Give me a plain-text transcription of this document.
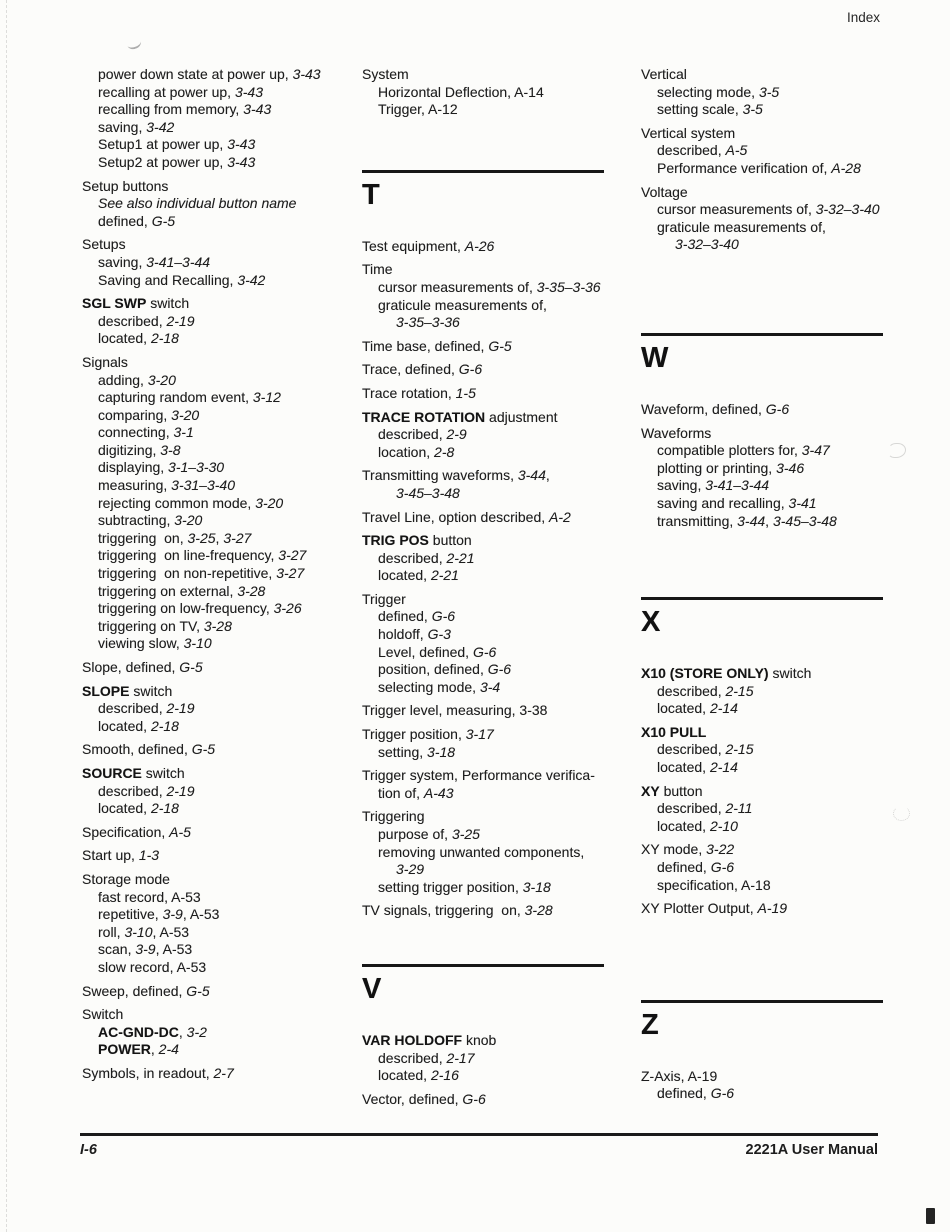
Index
power down state at power up, 3-43
recalling at power up, 3-43
recalling from memory, 3-43
saving, 3-42
Setup1 at power up, 3-43
Setup2 at power up, 3-43
Setup buttons
See also individual button name
defined, G-5
Setups
saving, 3-41–3-44
Saving and Recalling, 3-42
SGL SWP switch
described, 2-19
located, 2-18
Signals
adding, 3-20
capturing random event, 3-12
comparing, 3-20
connecting, 3-1
digitizing, 3-8
displaying, 3-1–3-30
measuring, 3-31–3-40
rejecting common mode, 3-20
subtracting, 3-20
triggering  on, 3-25, 3-27
triggering  on line-frequency, 3-27
triggering  on non-repetitive, 3-27
triggering on external, 3-28
triggering on low-frequency, 3-26
triggering on TV, 3-28
viewing slow, 3-10
Slope, defined, G-5
SLOPE switch
described, 2-19
located, 2-18
Smooth, defined, G-5
SOURCE switch
described, 2-19
located, 2-18
Specification, A-5
Start up, 1-3
Storage mode
fast record, A-53
repetitive, 3-9, A-53
roll, 3-10, A-53
scan, 3-9, A-53
slow record, A-53
Sweep, defined, G-5
Switch
AC-GND-DC, 3-2
POWER, 2-4
Symbols, in readout, 2-7
System
Horizontal Deflection, A-14
Trigger, A-12
T
Test equipment, A-26
Time
cursor measurements of, 3-35–3-36
graticule measurements of,
3-35–3-36
Time base, defined, G-5
Trace, defined, G-6
Trace rotation, 1-5
TRACE ROTATION adjustment
described, 2-9
location, 2-8
Transmitting waveforms, 3-44,
3-45–3-48
Travel Line, option described, A-2
TRIG POS button
described, 2-21
located, 2-21
Trigger
defined, G-6
holdoff, G-3
Level, defined, G-6
position, defined, G-6
selecting mode, 3-4
Trigger level, measuring, 3-38
Trigger position, 3-17
setting, 3-18
Trigger system, Performance verifica-
tion of, A-43
Triggering
purpose of, 3-25
removing unwanted components,
3-29
setting trigger position, 3-18
TV signals, triggering  on, 3-28
V
VAR HOLDOFF knob
described, 2-17
located, 2-16
Vector, defined, G-6
Vertical
selecting mode, 3-5
setting scale, 3-5
Vertical system
described, A-5
Performance verification of, A-28
Voltage
cursor measurements of, 3-32–3-40
graticule measurements of,
3-32–3-40
W
Waveform, defined, G-6
Waveforms
compatible plotters for, 3-47
plotting or printing, 3-46
saving, 3-41–3-44
saving and recalling, 3-41
transmitting, 3-44, 3-45–3-48
X
X10 (STORE ONLY) switch
described, 2-15
located, 2-14
X10 PULL
described, 2-15
located, 2-14
XY button
described, 2-11
located, 2-10
XY mode, 3-22
defined, G-6
specification, A-18
XY Plotter Output, A-19
Z
Z-Axis, A-19
defined, G-6
I-6	2221A User Manual
